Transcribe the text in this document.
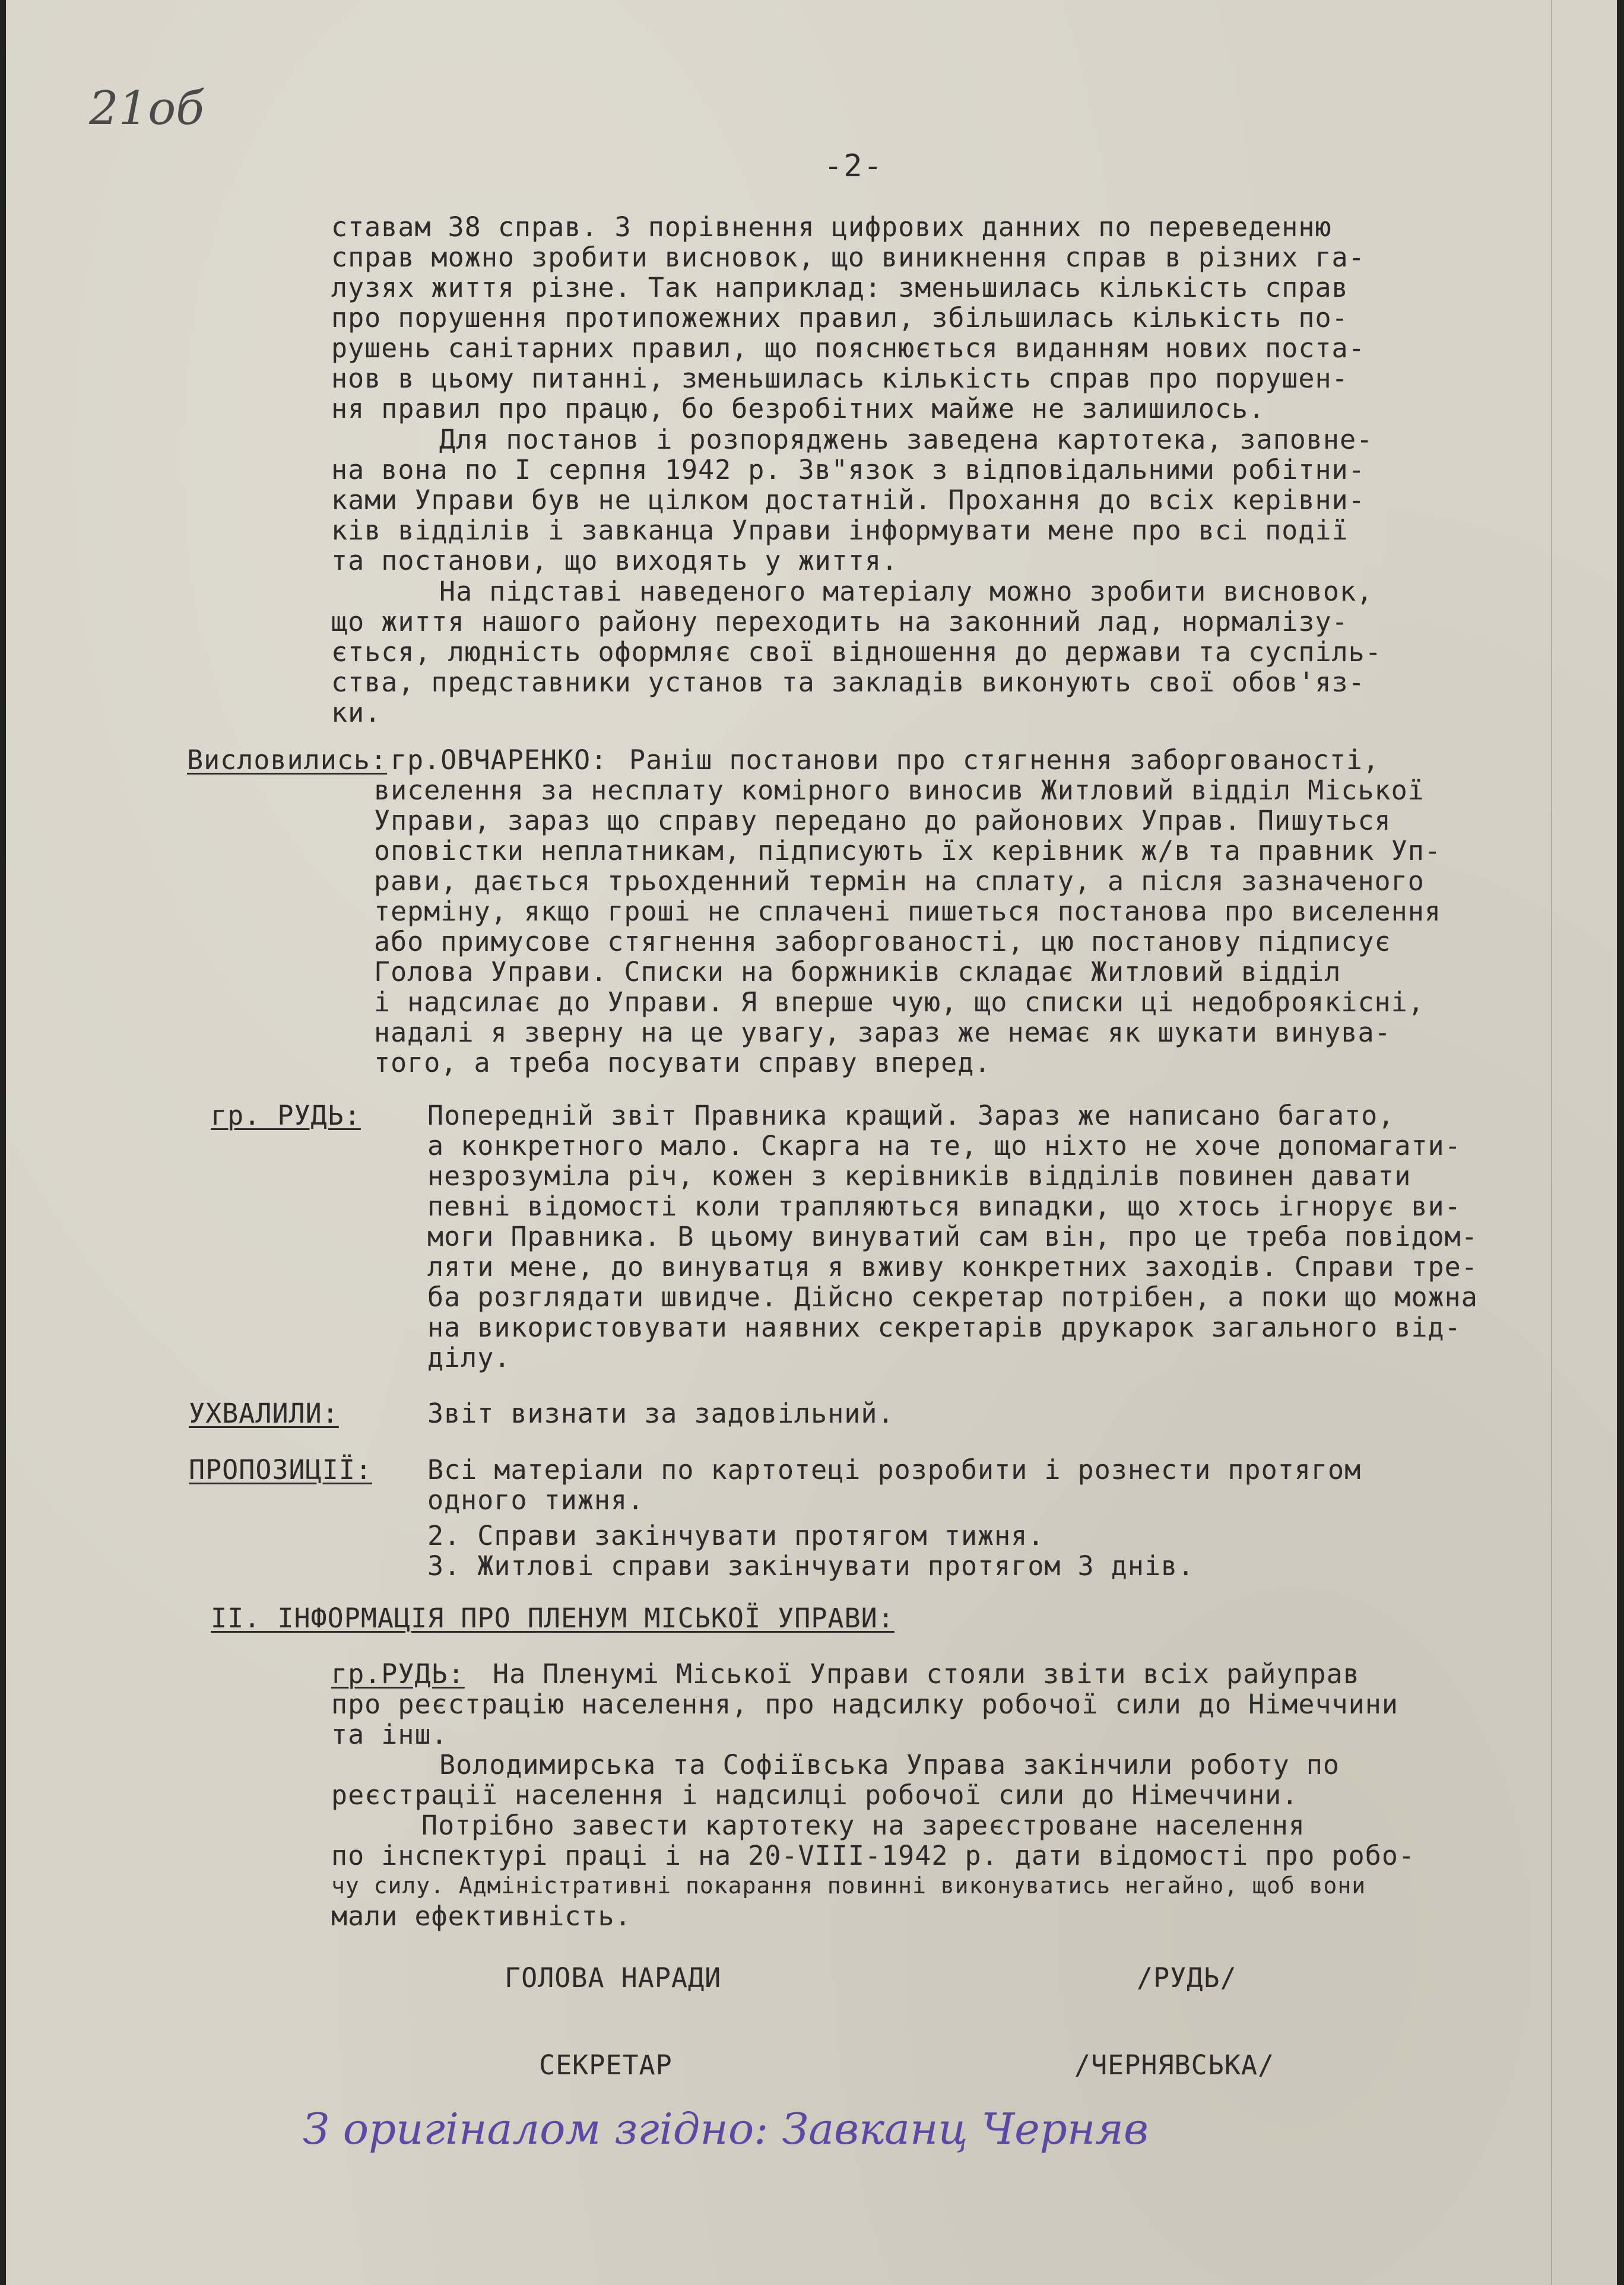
21об
-2-
ставам 38 справ. З порівнення цифрових данних по переведенню
справ можно зробити висновок, що виникнення справ в різних га-
лузях життя різне. Так наприклад: зменьшилась кількість справ
про порушення протипожежних правил, збільшилась кількість по-
рушень санітарних правил, що пояснюється виданням нових поста-
нов в цьому питанні, зменьшилась кількість справ про порушен-
ня правил про працю, бо безробітних майже не залишилось.
Для постанов і розпоряджень заведена картотека, заповне-
на вона по I серпня 1942 р. Зв"язок з відповідальними робітни-
ками Управи був не цілком достатній. Прохання до всіх керівни-
ків відділів і завканца Управи інформувати мене про всі події
та постанови, що виходять у життя.
На підставі наведеного матеріалу можно зробити висновок,
що життя нашого району переходить на законний лад, нормалізу-
ється, людність оформляє свої відношення до держави та суспіль-
ства, представники установ та закладів виконують свої обов'яз-
ки.
Висловились: гр.ОВЧАРЕНКО: Раніш постанови про стягнення заборгованості,
виселення за несплату комірного виносив Житловий відділ Міської
Управи, зараз що справу передано до районових Управ. Пишуться
оповістки неплатникам, підписують їх керівник ж/в та правник Уп-
рави, дається трьохденний термін на сплату, а після зазначеного
терміну, якщо гроші не сплачені пишеться постанова про виселення
або примусове стягнення заборгованості, цю постанову підписує
Голова Управи. Списки на боржників складає Житловий відділ
і надсилає до Управи. Я вперше чую, що списки ці недоброякісні,
надалі я зверну на це увагу, зараз же немає як шукати винува-
того, а треба посувати справу вперед.
гр. РУДЬ: Попередній звіт Правника кращий. Зараз же написано багато,
а конкретного мало. Скарга на те, що ніхто не хоче допомагати-
незрозуміла річ, кожен з керівників відділів повинен давати
певні відомості коли трапляються випадки, що хтось ігнорує ви-
моги Правника. В цьому винуватий сам він, про це треба повідом-
ляти мене, до винуватця я вживу конкретних заходів. Справи тре-
ба розглядати швидче. Дійсно секретар потрібен, а поки що можна
на використовувати наявних секретарів друкарок загального від-
ділу.
УХВАЛИЛИ:	Звіт визнати за задовільний.
ПРОПОЗИЦІЇ: Всі матеріали по картотеці розробити і рознести протягом
одного тижня.
2. Справи закінчувати протягом тижня.
3. Житлові справи закінчувати протягом 3 днів.
II. ІНФОРМАЦІЯ ПРО ПЛЕНУМ МІСЬКОЇ УПРАВИ:
гр.РУДЬ: На Пленумі Міської Управи стояли звіти всіх райуправ
про реєстрацію населення, про надсилку робочої сили до Німеччини
та інш.
Володимирська та Софіївська Управа закінчили роботу по
реєстрації населення і надсилці робочої сили до Німеччини.
Потрібно завести картотеку на зареєстроване населення
по інспектурі праці і на 20-VIII-1942 р. дати відомості про робо-
чу силу. Адміністративні покарання повинні виконуватись негайно, щоб вони
мали ефективність.
ГОЛОВА НАРАДИ	/РУДЬ/
СЕКРЕТАР	/ЧЕРНЯВСЬКА/
З оригіналом згідно: Завканц Черняв
